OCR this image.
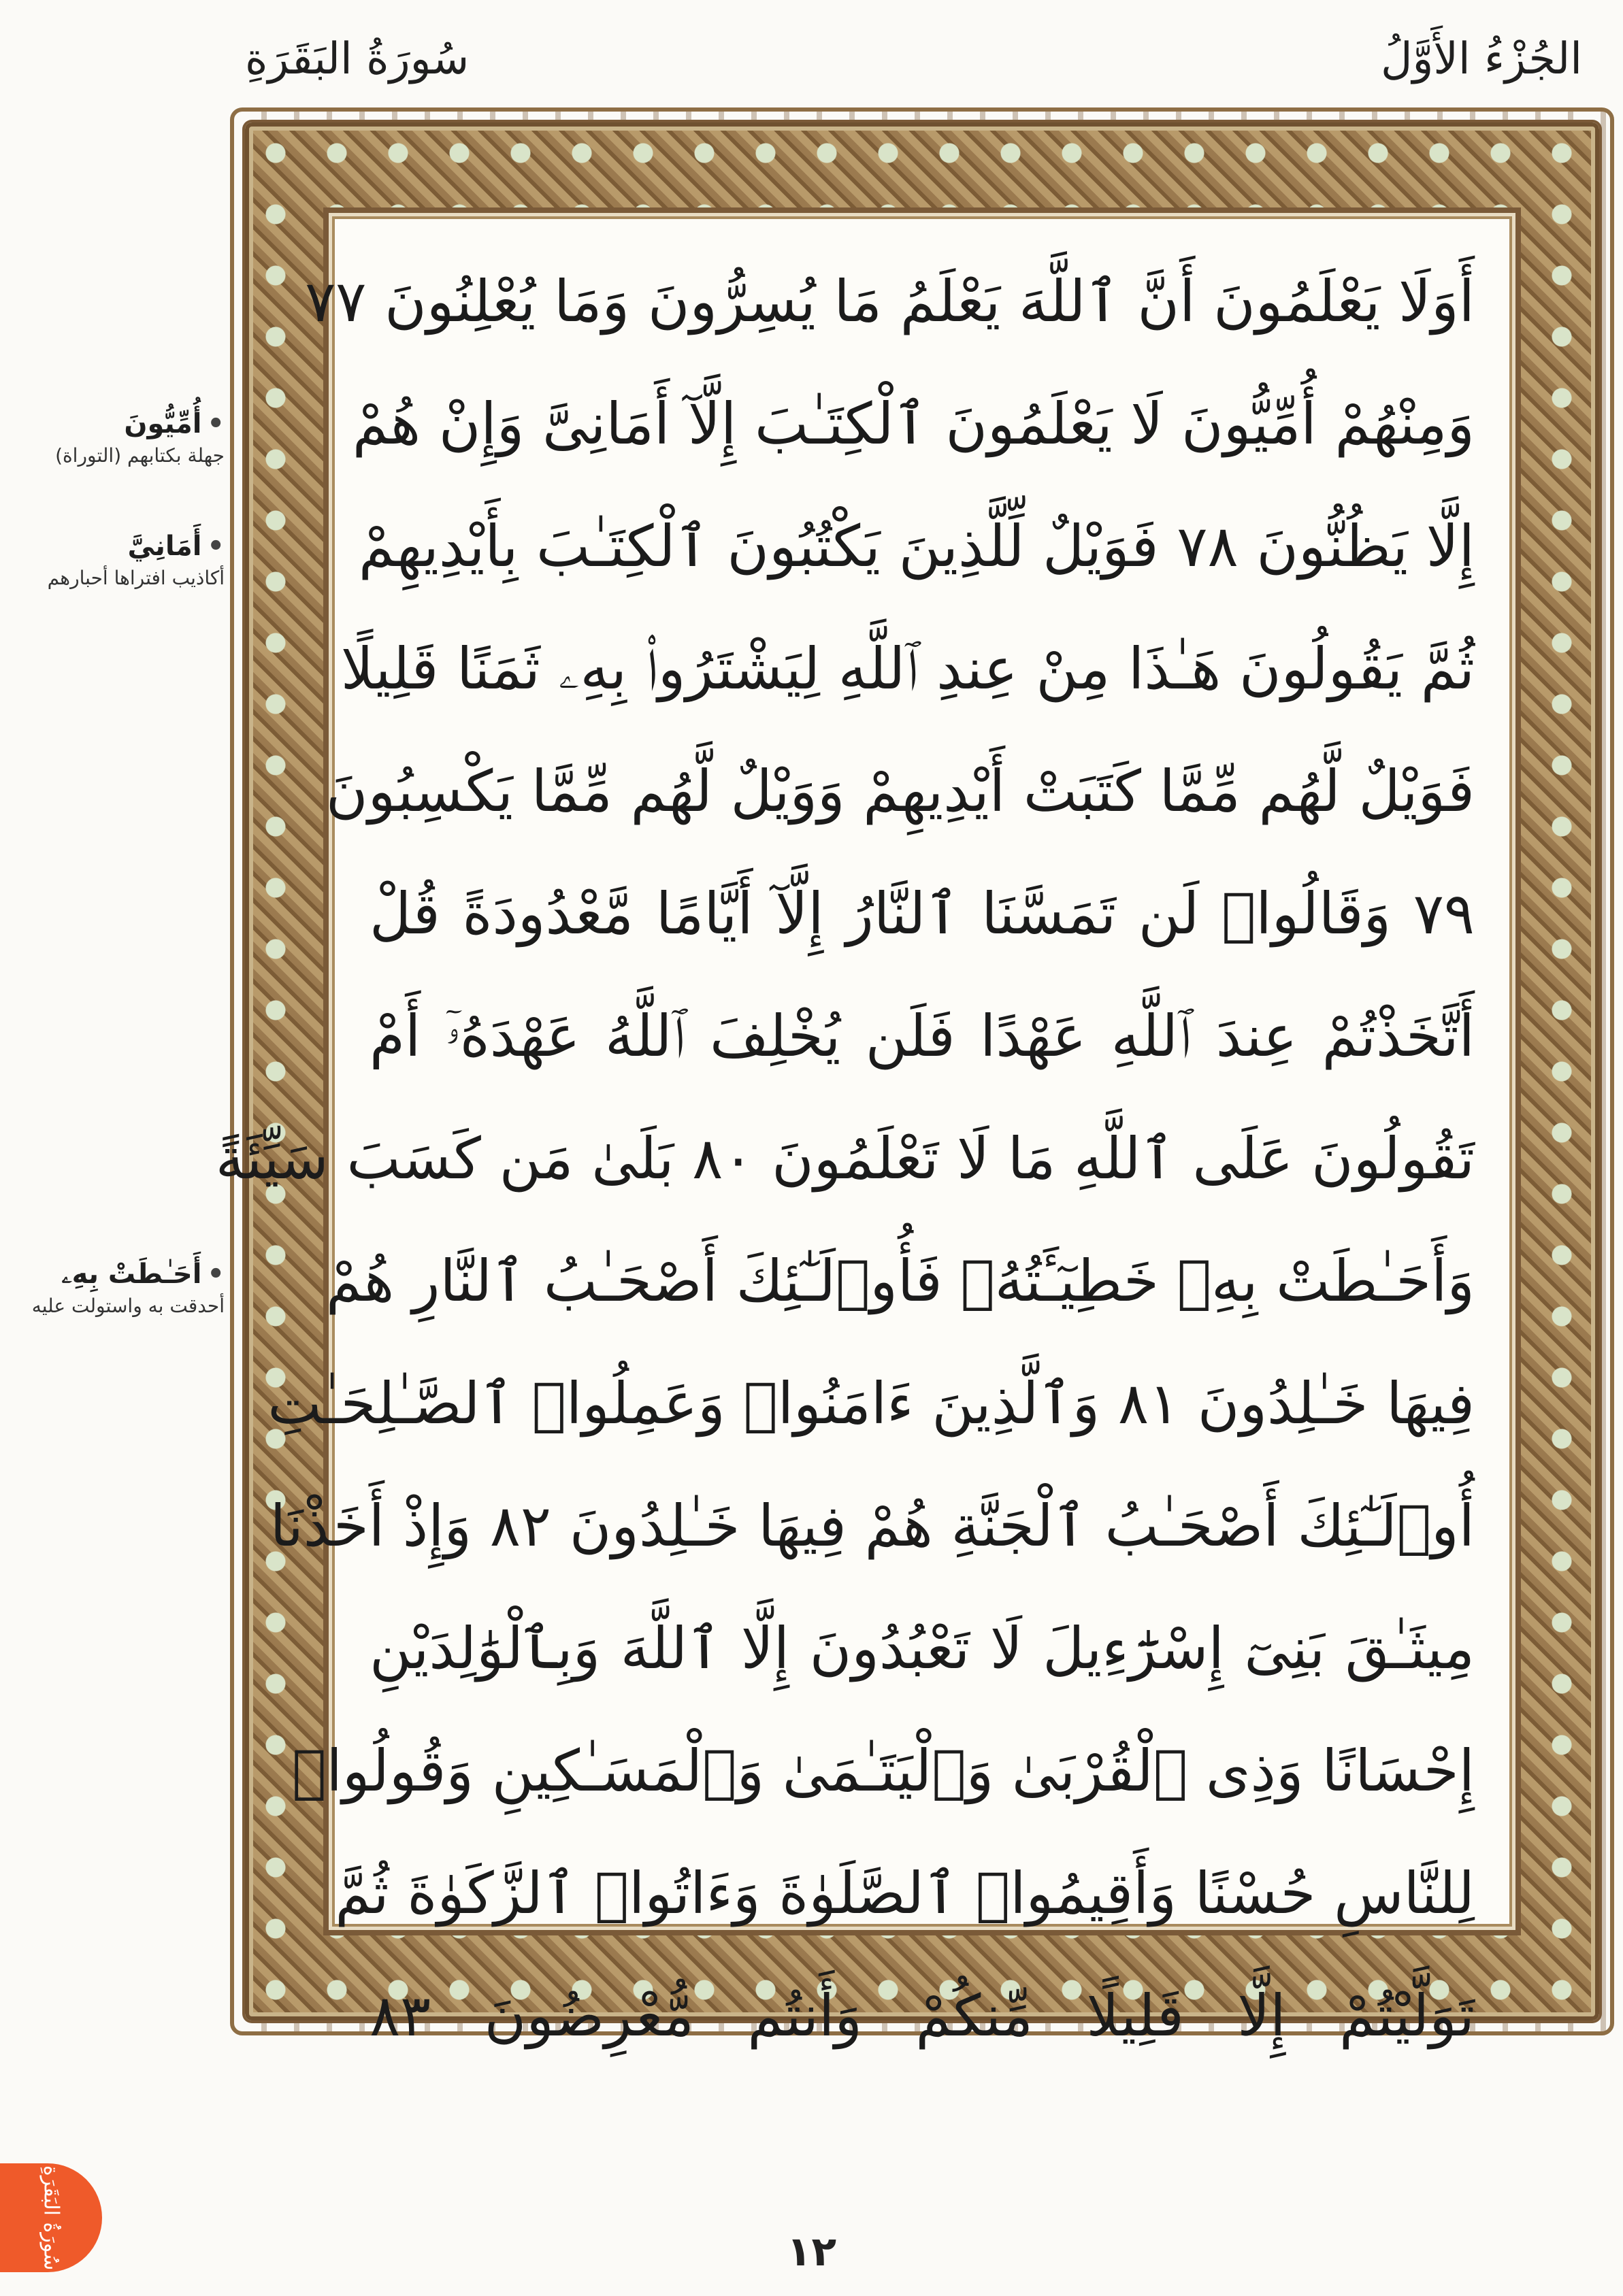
سُورَةُ البَقَرَةِ	الجُزْءُ الأَوَّلُ
أَوَلَا يَعْلَمُونَ أَنَّ ٱللَّهَ يَعْلَمُ مَا يُسِرُّونَ وَمَا يُعْلِنُونَ ٧٧
وَمِنْهُمْ أُمِّيُّونَ لَا يَعْلَمُونَ ٱلْكِتَـٰبَ إِلَّآ أَمَانِىَّ وَإِنْ هُمْ
إِلَّا يَظُنُّونَ ٧٨ فَوَيْلٌ لِّلَّذِينَ يَكْتُبُونَ ٱلْكِتَـٰبَ بِأَيْدِيهِمْ
ثُمَّ يَقُولُونَ هَـٰذَا مِنْ عِندِ ٱللَّهِ لِيَشْتَرُوا۟ بِهِۦ ثَمَنًا قَلِيلًا
فَوَيْلٌ لَّهُم مِّمَّا كَتَبَتْ أَيْدِيهِمْ وَوَيْلٌ لَّهُم مِّمَّا يَكْسِبُونَ
٧٩ وَقَالُوا۟ لَن تَمَسَّنَا ٱلنَّارُ إِلَّآ أَيَّامًا مَّعْدُودَةً قُلْ
أَتَّخَذْتُمْ عِندَ ٱللَّهِ عَهْدًا فَلَن يُخْلِفَ ٱللَّهُ عَهْدَهُۥٓ أَمْ
تَقُولُونَ عَلَى ٱللَّهِ مَا لَا تَعْلَمُونَ ٨٠ بَلَىٰ مَن كَسَبَ سَيِّئَةً
وَأَحَـٰطَتْ بِهِۦ خَطِيٓـَٔتُهُۥ فَأُو۟لَـٰٓئِكَ أَصْحَـٰبُ ٱلنَّارِ هُمْ
فِيهَا خَـٰلِدُونَ ٨١ وَٱلَّذِينَ ءَامَنُوا۟ وَعَمِلُوا۟ ٱلصَّـٰلِحَـٰتِ
أُو۟لَـٰٓئِكَ أَصْحَـٰبُ ٱلْجَنَّةِ هُمْ فِيهَا خَـٰلِدُونَ ٨٢ وَإِذْ أَخَذْنَا
مِيثَـٰقَ بَنِىٓ إِسْرَٰٓءِيلَ لَا تَعْبُدُونَ إِلَّا ٱللَّهَ وَبِٱلْوَٰلِدَيْنِ
إِحْسَانًا وَذِى ٱلْقُرْبَىٰ وَٱلْيَتَـٰمَىٰ وَٱلْمَسَـٰكِينِ وَقُولُوا۟
لِلنَّاسِ حُسْنًا وَأَقِيمُوا۟ ٱلصَّلَوٰةَ وَءَاتُوا۟ ٱلزَّكَوٰةَ ثُمَّ
تَوَلَّيْتُمْ إِلَّا قَلِيلًا مِّنكُمْ وَأَنتُم مُّعْرِضُونَ ٨٣
• أُمِّيُّونَ
جهلة بكتابهم (التوراة)
• أَمَانِيَّ
أكاذيب افتراها أحبارهم
• أَحَـٰطَتْ بِهِۦ
أحدقت به واستولت عليه
سُورَةُ البَقَرَةِ	١٢
